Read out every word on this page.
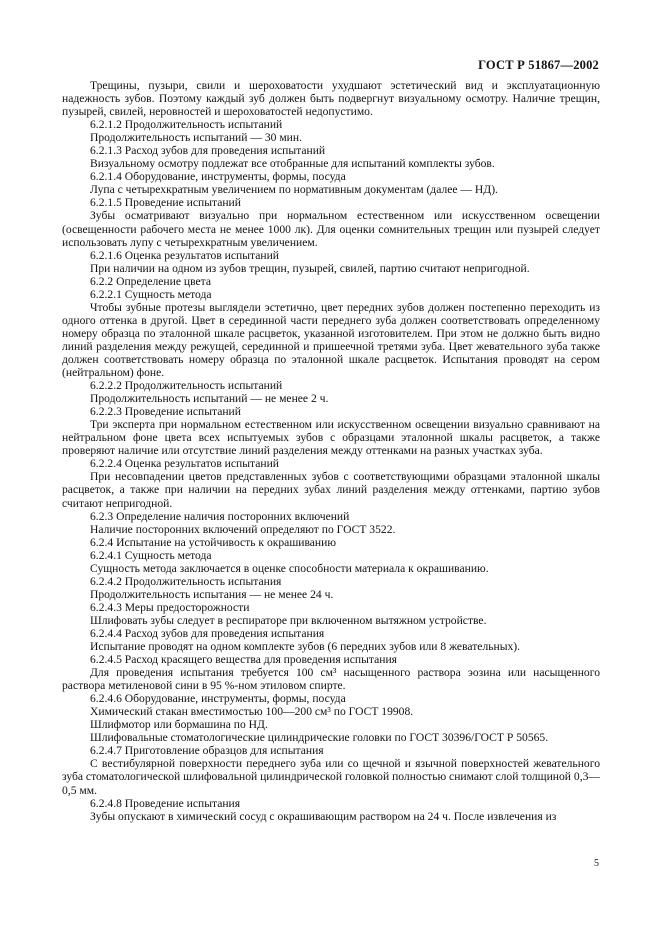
ГОСТ Р 51867—2002

Трещины, пузыри, свили и шероховатости ухудшают эстетический вид и эксплуатационную надежность зубов. Поэтому каждый зуб должен быть подвергнут визуальному осмотру. Наличие трещин, пузырей, свилей, неровностей и шероховатостей недопустимо.

6.2.1.2 Продолжительность испытаний

Продолжительность испытаний — 30 мин.

6.2.1.3 Расход зубов для проведения испытаний

Визуальному осмотру подлежат все отобранные для испытаний комплекты зубов.

6.2.1.4 Оборудование, инструменты, формы, посуда

Лупа с четырехкратным увеличением по нормативным документам (далее — НД).

6.2.1.5 Проведение испытаний

Зубы осматривают визуально при нормальном естественном или искусственном освещении (освещенности рабочего места не менее 1000 лк). Для оценки сомнительных трещин или пузырей следует использовать лупу с четырехкратным увеличением.

6.2.1.6 Оценка результатов испытаний

При наличии на одном из зубов трещин, пузырей, свилей, партию считают непригодной.

6.2.2 Определение цвета

6.2.2.1 Сущность метода

Чтобы зубные протезы выглядели эстетично, цвет передних зубов должен постепенно переходить из одного оттенка в другой. Цвет в серединной части переднего зуба должен соответствовать определенному номеру образца по эталонной шкале расцветок, указанной изготовителем. При этом не должно быть видно линий разделения между режущей, серединной и пришеечной третями зуба. Цвет жевательного зуба также должен соответствовать номеру образца по эталонной шкале расцветок. Испытания проводят на сером (нейтральном) фоне.

6.2.2.2 Продолжительность испытаний

Продолжительность испытаний — не менее 2 ч.

6.2.2.3 Проведение испытаний

Три эксперта при нормальном естественном или искусственном освещении визуально сравнивают на нейтральном фоне цвета всех испытуемых зубов с образцами эталонной шкалы расцветок, а также проверяют наличие или отсутствие линий разделения между оттенками на разных участках зуба.

6.2.2.4 Оценка результатов испытаний

При несовпадении цветов представленных зубов с соответствующими образцами эталонной шкалы расцветок, а также при наличии на передних зубах линий разделения между оттенками, партию зубов считают непригодной.

6.2.3 Определение наличия посторонних включений

Наличие посторонних включений определяют по ГОСТ 3522.

6.2.4 Испытание на устойчивость к окрашиванию

6.2.4.1 Сущность метода

Сущность метода заключается в оценке способности материала к окрашиванию.

6.2.4.2 Продолжительность испытания

Продолжительность испытания — не менее 24 ч.

6.2.4.3 Меры предосторожности

Шлифовать зубы следует в респираторе при включенном вытяжном устройстве.

6.2.4.4 Расход зубов для проведения испытания

Испытание проводят на одном комплекте зубов (6 передних зубов или 8 жевательных).

6.2.4.5 Расход красящего вещества для проведения испытания

Для проведения испытания требуется 100 см³ насыщенного раствора эозина или насыщенного раствора метиленовой сини в 95 %-ном этиловом спирте.

6.2.4.6 Оборудование, инструменты, формы, посуда

Химический стакан вместимостью 100—200 см³ по ГОСТ 19908.

Шлифмотор или бормашина по НД.

Шлифовальные стоматологические цилиндрические головки по ГОСТ 30396/ГОСТ Р 50565.

6.2.4.7 Приготовление образцов для испытания

С вестибулярной поверхности переднего зуба или со щечной и язычной поверхностей жевательного зуба стоматологической шлифовальной цилиндрической головкой полностью снимают слой толщиной 0,3—0,5 мм.

6.2.4.8 Проведение испытания

Зубы опускают в химический сосуд с окрашивающим раствором на 24 ч. После извлечения из

5
